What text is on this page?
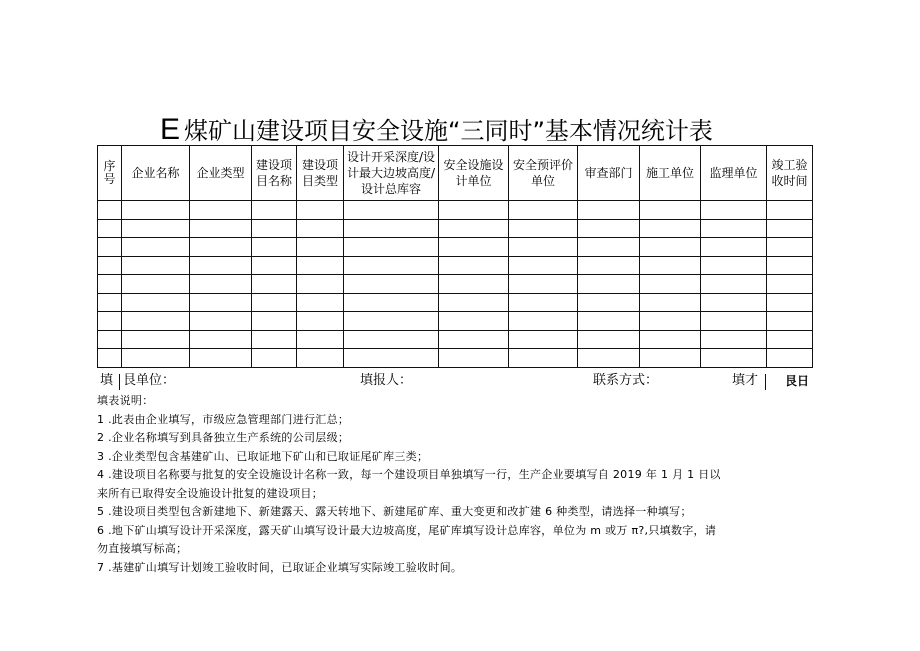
E 煤矿山建设项目安全设施“三同时”基本情况统计表
序号	企业名称	企业类型	建设项目名称	建设项目类型	设计开采深度/设计最大边坡高度/设计总库容	安全设施设计单位	安全预评价单位	审查部门	施工单位	监理单位	竣工验收时间

填 艮单位：	填报人：	联系方式：	填才 艮日
填表说明：
1 .此表由企业填写，市级应急管理部门进行汇总；
2 .企业名称填写到具备独立生产系统的公司层级；
3 .企业类型包含基建矿山、已取证地下矿山和已取证尾矿库三类；
4 .建设项目名称要与批复的安全设施设计名称一致，每一个建设项目单独填写一行，生产企业要填写自 2019 年 1 月 1 日以
来所有已取得安全设施设计批复的建设项目；
5 .建设项目类型包含新建地下、新建露天、露天转地下、新建尾矿库、重大变更和改扩建 6 种类型，请选择一种填写；
6 .地下矿山填写设计开采深度，露天矿山填写设计最大边坡高度，尾矿库填写设计总库容，单位为 m 或万 π?,只填数字，请
勿直接填写标高；
7 .基建矿山填写计划竣工验收时间，已取证企业填写实际竣工验收时间。
